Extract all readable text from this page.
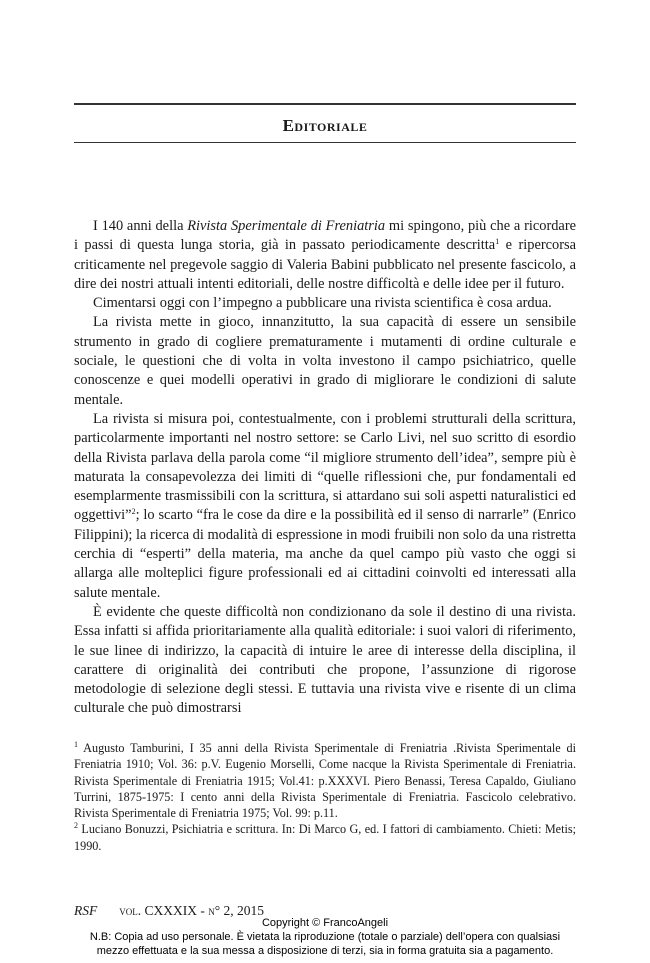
Editoriale

I 140 anni della Rivista Sperimentale di Freniatria mi spingono, più che a ricordare i passi di questa lunga storia, già in passato periodicamente descritta$^1$ e ripercorsa criticamente nel pregevole saggio di Valeria Babini pubblicato nel presente fascicolo, a dire dei nostri attuali intenti editoriali, delle nostre difficoltà e delle idee per il futuro.

Cimentarsi oggi con l’impegno a pubblicare una rivista scientifica è cosa ardua.

La rivista mette in gioco, innanzitutto, la sua capacità di essere un sensibile strumento in grado di cogliere prematuramente i mutamenti di ordine culturale e sociale, le questioni che di volta in volta investono il campo psichiatrico, quelle conoscenze e quei modelli operativi in grado di migliorare le condizioni di salute mentale.

La rivista si misura poi, contestualmente, con i problemi strutturali della scrittura, particolarmente importanti nel nostro settore: se Carlo Livi, nel suo scritto di esordio della Rivista parlava della parola come “il migliore strumento dell’idea”, sempre più è maturata la consapevolezza dei limiti di “quelle riflessioni che, pur fondamentali ed esemplarmente trasmissibili con la scrittura, si attardano sui soli aspetti naturalistici ed oggettivi”$^2$; lo scarto “fra le cose da dire e la possibilità ed il senso di narrarle” (Enrico Filippini); la ricerca di modalità di espressione in modi fruibili non solo da una ristretta cerchia di “esperti” della materia, ma anche da quel campo più vasto che oggi si allarga alle molteplici figure professionali ed ai cittadini coinvolti ed interessati alla salute mentale.

È evidente che queste difficoltà non condizionano da sole il destino di una rivista. Essa infatti si affida prioritariamente alla qualità editoriale: i suoi valori di riferimento, le sue linee di indirizzo, la capacità di intuire le aree di interesse della disciplina, il carattere di originalità dei contributi che propone, l’assunzione di rigorose metodologie di selezione degli stessi. E tuttavia una rivista vive e risente di un clima culturale che può dimostrarsi

$^1$ Augusto Tamburini, I 35 anni della Rivista Sperimentale di Freniatria .Rivista Sperimentale di Freniatria 1910; Vol. 36: p.V. Eugenio Morselli, Come nacque la Rivista Sperimentale di Freniatria. Rivista Sperimentale di Freniatria 1915; Vol.41: p.XXXVI. Piero Benassi, Teresa Capaldo, Giuliano Turrini, 1875-1975: I cento anni della Rivista Sperimentale di Freniatria. Fascicolo celebrativo. Rivista Sperimentale di Freniatria 1975; Vol. 99: p.11.

$^2$ Luciano Bonuzzi, Psichiatria e scrittura. In: Di Marco G, ed. I fattori di cambiamento. Chieti: Metis; 1990.

RSF vol. CXXXIX - n° 2, 2015
Copyright © FrancoAngeli
N.B: Copia ad uso personale. È vietata la riproduzione (totale o parziale) dell’opera con qualsiasi
mezzo effettuata e la sua messa a disposizione di terzi, sia in forma gratuita sia a pagamento.
